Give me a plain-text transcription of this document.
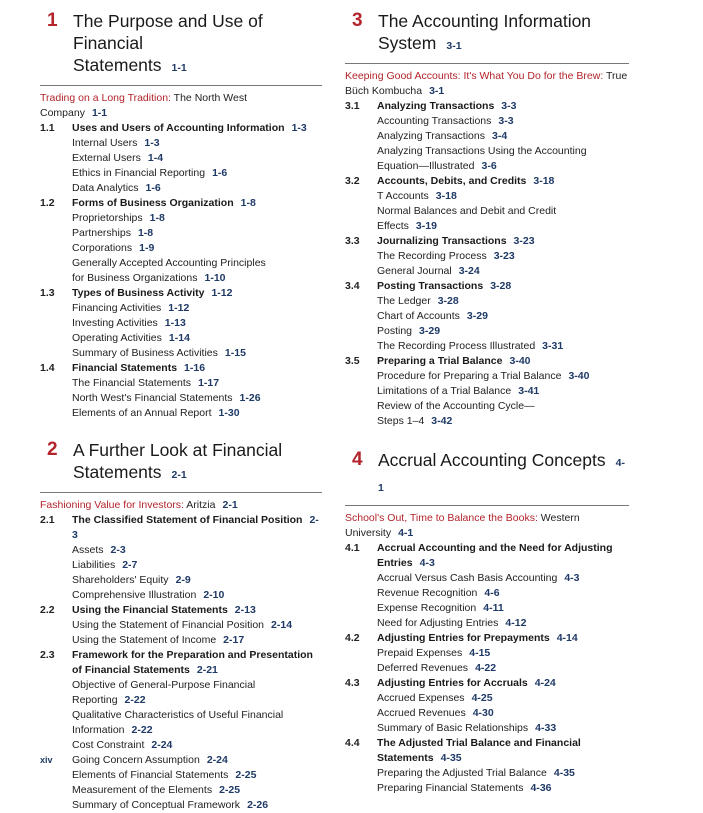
1 The Purpose and Use of Financial
Statements 1-1
Trading on a Long Tradition: The North West
Company 1-1
1.1	Uses and Users of Accounting Information 1-3
Internal Users 1-3
External Users 1-4
Ethics in Financial Reporting 1-6
Data Analytics 1-6
1.2	Forms of Business Organization 1-8
Proprietorships 1-8
Partnerships 1-8
Corporations 1-9
Generally Accepted Accounting Principles
for Business Organizations 1-10
1.3	Types of Business Activity 1-12
Financing Activities 1-12
Investing Activities 1-13
Operating Activities 1-14
Summary of Business Activities 1-15
1.4	Financial Statements 1-16
The Financial Statements 1-17
North West's Financial Statements 1-26
Elements of an Annual Report 1-30
2 A Further Look at Financial
Statements 2-1
Fashioning Value for Investors: Aritzia 2-1
2.1	The Classified Statement of Financial Position 2-3
Assets 2-3
Liabilities 2-7
Shareholders' Equity 2-9
Comprehensive Illustration 2-10
2.2	Using the Financial Statements 2-13
Using the Statement of Financial Position 2-14
Using the Statement of Income 2-17
2.3	Framework for the Preparation and Presentation
of Financial Statements 2-21
Objective of General-Purpose Financial
Reporting 2-22
Qualitative Characteristics of Useful Financial
Information 2-22
Cost Constraint 2-24
Going Concern Assumption 2-24
Elements of Financial Statements 2-25
Measurement of the Elements 2-25
Summary of Conceptual Framework 2-26
3 The Accounting Information
System 3-1
Keeping Good Accounts: It's What You Do for the Brew: True
Büch Kombucha 3-1
3.1	Analyzing Transactions 3-3
Accounting Transactions 3-3
Analyzing Transactions 3-4
Analyzing Transactions Using the Accounting
Equation—Illustrated 3-6
3.2	Accounts, Debits, and Credits 3-18
T Accounts 3-18
Normal Balances and Debit and Credit
Effects 3-19
3.3	Journalizing Transactions 3-23
The Recording Process 3-23
General Journal 3-24
3.4	Posting Transactions 3-28
The Ledger 3-28
Chart of Accounts 3-29
Posting 3-29
The Recording Process Illustrated 3-31
3.5	Preparing a Trial Balance 3-40
Procedure for Preparing a Trial Balance 3-40
Limitations of a Trial Balance 3-41
Review of the Accounting Cycle—
Steps 1–4 3-42
4 Accrual Accounting Concepts 4-1
School's Out, Time to Balance the Books: Western
University 4-1
4.1	Accrual Accounting and the Need for Adjusting
Entries 4-3
Accrual Versus Cash Basis Accounting 4-3
Revenue Recognition 4-6
Expense Recognition 4-11
Need for Adjusting Entries 4-12
4.2	Adjusting Entries for Prepayments 4-14
Prepaid Expenses 4-15
Deferred Revenues 4-22
4.3	Adjusting Entries for Accruals 4-24
Accrued Expenses 4-25
Accrued Revenues 4-30
Summary of Basic Relationships 4-33
4.4	The Adjusted Trial Balance and Financial
Statements 4-35
Preparing the Adjusted Trial Balance 4-35
Preparing Financial Statements 4-36
xiv
